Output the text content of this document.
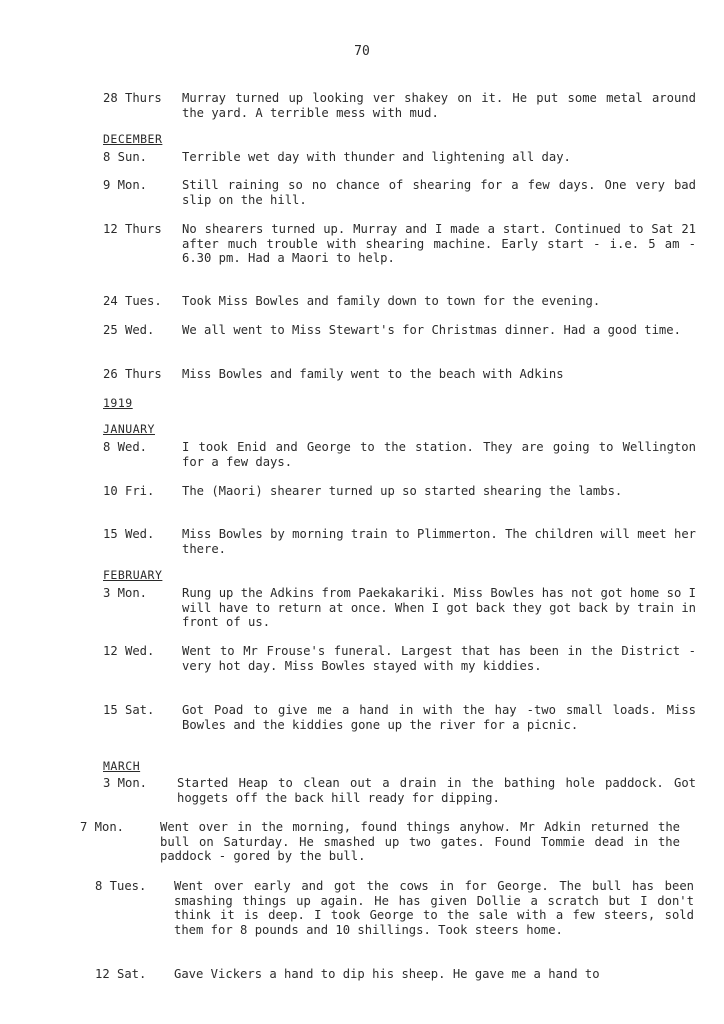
70
28 Thurs Murray turned up looking ver shakey on it. He put some metal around the yard. A terrible mess with mud.
DECEMBER
8 Sun.	Terrible wet day with thunder and lightening all day.
9 Mon.	Still raining so no chance of shearing for a few days. One very bad slip on the hill.
12 Thurs No shearers turned up. Murray and I made a start. Continued to Sat 21 after much trouble with shearing machine. Early start - i.e. 5 am - 6.30 pm. Had a Maori to help.
24 Tues. Took Miss Bowles and family down to town for the evening.
25 Wed. We all went to Miss Stewart's for Christmas dinner. Had a good time.
26 Thurs Miss Bowles and family went to the beach with Adkins
1919
JANUARY
8 Wed.	I took Enid and George to the station. They are going to Wellington for a few days.
10 Fri. The (Maori) shearer turned up so started shearing the lambs.
15 Wed. Miss Bowles by morning train to Plimmerton. The children will meet her there.
FEBRUARY
3 Mon.	Rung up the Adkins from Paekakariki. Miss Bowles has not got home so I will have to return at once. When I got back they got back by train in front of us.
12 Wed. Went to Mr Frouse's funeral. Largest that has been in the District - very hot day. Miss Bowles stayed with my kiddies.
15 Sat. Got Poad to give me a hand in with the hay -two small loads. Miss Bowles and the kiddies gone up the river for a picnic.
MARCH
3 Mon. Started Heap to clean out a drain in the bathing hole paddock. Got hoggets off the back hill ready for dipping.
7 Mon.	Went over in the morning, found things anyhow. Mr Adkin returned the bull on Saturday. He smashed up two gates. Found Tommie dead in the paddock - gored by the bull.
8 Tues. Went over early and got the cows in for George. The bull has been smashing things up again. He has given Dollie a scratch but I don't think it is deep. I took George to the sale with a few steers, sold them for 8 pounds and 10 shillings. Took steers home.
12 Sat. Gave Vickers a hand to dip his sheep. He gave me a hand to
